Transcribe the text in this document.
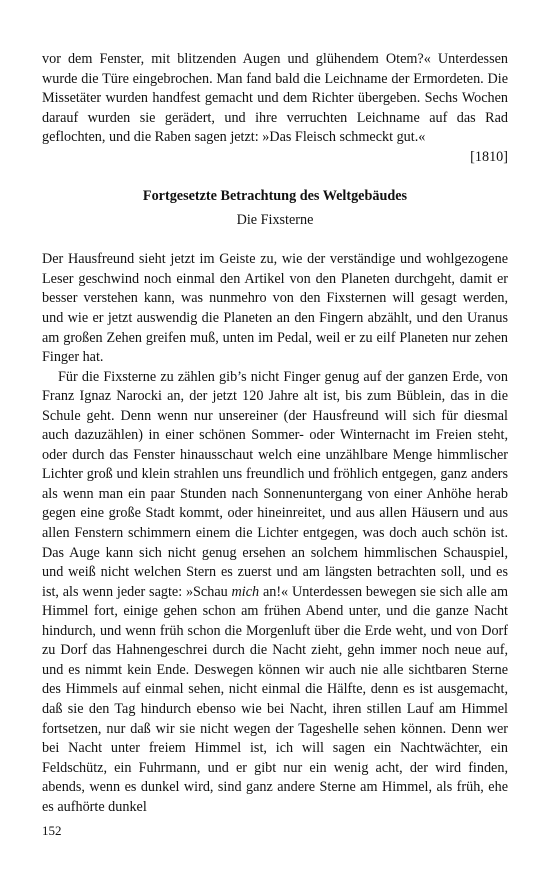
vor dem Fenster, mit blitzenden Augen und glühendem Otem?« Unterdessen wurde die Türe eingebrochen. Man fand bald die Leichname der Ermordeten. Die Missetäter wurden handfest gemacht und dem Richter übergeben. Sechs Wochen darauf wurden sie gerädert, und ihre verruchten Leichname auf das Rad geflochten, und die Raben sagen jetzt: »Das Fleisch schmeckt gut.«

[1810]

Fortgesetzte Betrachtung des Weltgebäudes
Die Fixsterne

Der Hausfreund sieht jetzt im Geiste zu, wie der verständige und wohlgezogene Leser geschwind noch einmal den Artikel von den Planeten durchgeht, damit er besser verstehen kann, was nunmehro von den Fixsternen will gesagt werden, und wie er jetzt auswendig die Planeten an den Fingern abzählt, und den Uranus am großen Zehen greifen muß, unten im Pedal, weil er zu eilf Planeten nur zehen Finger hat.

Für die Fixsterne zu zählen gib’s nicht Finger genug auf der ganzen Erde, von Franz Ignaz Narocki an, der jetzt 120 Jahre alt ist, bis zum Büblein, das in die Schule geht. Denn wenn nur unsereiner (der Hausfreund will sich für diesmal auch dazuzählen) in einer schönen Sommer- oder Winternacht im Freien steht, oder durch das Fenster hinausschaut welch eine unzählbare Menge himmlischer Lichter groß und klein strahlen uns freundlich und fröhlich entgegen, ganz anders als wenn man ein paar Stunden nach Sonnenuntergang von einer Anhöhe herab gegen eine große Stadt kommt, oder hineinreitet, und aus allen Häusern und aus allen Fenstern schimmern einem die Lichter entgegen, was doch auch schön ist. Das Auge kann sich nicht genug ersehen an solchem himmlischen Schauspiel, und weiß nicht welchen Stern es zuerst und am längsten betrachten soll, und es ist, als wenn jeder sagte: »Schau mich an!« Unterdessen bewegen sie sich alle am Himmel fort, einige gehen schon am frühen Abend unter, und die ganze Nacht hindurch, und wenn früh schon die Morgenluft über die Erde weht, und von Dorf zu Dorf das Hahnengeschrei durch die Nacht zieht, gehn immer noch neue auf, und es nimmt kein Ende. Deswegen können wir auch nie alle sichtbaren Sterne des Himmels auf einmal sehen, nicht einmal die Hälfte, denn es ist ausgemacht, daß sie den Tag hindurch ebenso wie bei Nacht, ihren stillen Lauf am Himmel fortsetzen, nur daß wir sie nicht wegen der Tageshelle sehen können. Denn wer bei Nacht unter freiem Himmel ist, ich will sagen ein Nachtwächter, ein Feldschütz, ein Fuhrmann, und er gibt nur ein wenig acht, der wird finden, abends, wenn es dunkel wird, sind ganz andere Sterne am Himmel, als früh, ehe es aufhörte dunkel

152
